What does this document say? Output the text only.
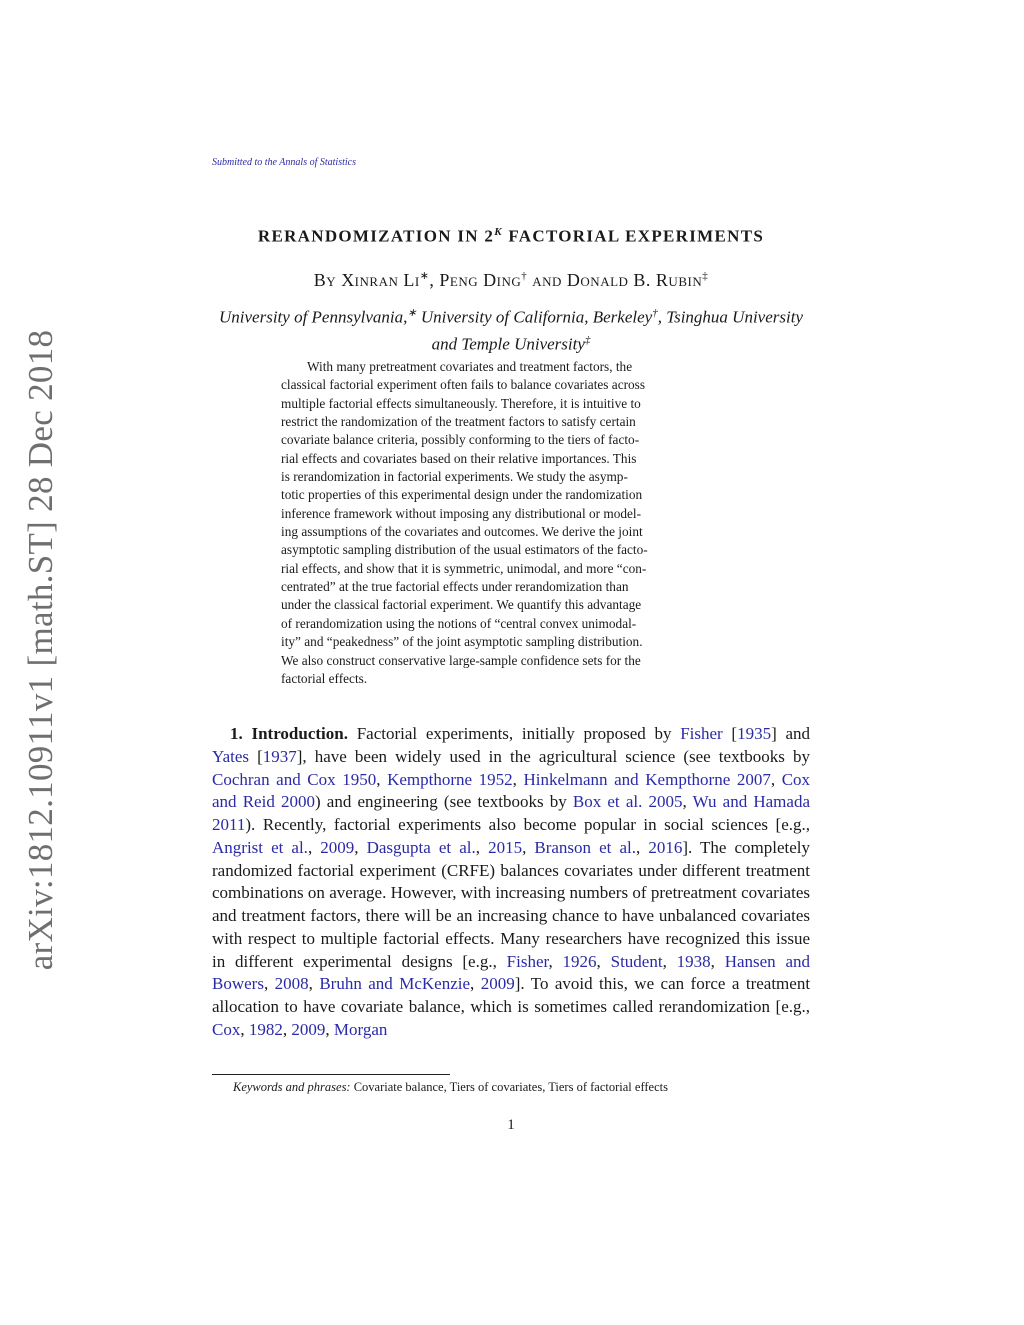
arXiv:1812.10911v1 [math.ST] 28 Dec 2018
Submitted to the Annals of Statistics
RERANDOMIZATION IN $2^K$ FACTORIAL EXPERIMENTS
By Xinran Li∗, Peng Ding† and Donald B. Rubin‡
University of Pennsylvania,∗ University of California, Berkeley†, Tsinghua University and Temple University‡
With many pretreatment covariates and treatment factors, the
classical factorial experiment often fails to balance covariates across
multiple factorial effects simultaneously. Therefore, it is intuitive to
restrict the randomization of the treatment factors to satisfy certain
covariate balance criteria, possibly conforming to the tiers of facto-
rial effects and covariates based on their relative importances. This
is rerandomization in factorial experiments. We study the asymp-
totic properties of this experimental design under the randomization
inference framework without imposing any distributional or model-
ing assumptions of the covariates and outcomes. We derive the joint
asymptotic sampling distribution of the usual estimators of the facto-
rial effects, and show that it is symmetric, unimodal, and more “con-
centrated” at the true factorial effects under rerandomization than
under the classical factorial experiment. We quantify this advantage
of rerandomization using the notions of “central convex unimodal-
ity” and “peakedness” of the joint asymptotic sampling distribution.
We also construct conservative large-sample confidence sets for the
factorial effects.

1. Introduction. Factorial experiments, initially proposed by Fisher [1935] and Yates [1937], have been widely used in the agricultural science (see textbooks by Cochran and Cox 1950, Kempthorne 1952, Hinkelmann and Kempthorne 2007, Cox and Reid 2000) and engineering (see textbooks by Box et al. 2005, Wu and Hamada 2011). Recently, factorial experiments also become popular in social sciences [e.g., Angrist et al., 2009, Dasgupta et al., 2015, Branson et al., 2016]. The completely randomized factorial experiment (CRFE) balances covariates under different treatment combinations on average. However, with increasing numbers of pretreatment covariates and treatment factors, there will be an increasing chance to have unbalanced covariates with respect to multiple factorial effects. Many researchers have recognized this issue in different experimental designs [e.g., Fisher, 1926, Student, 1938, Hansen and Bowers, 2008, Bruhn and McKenzie, 2009]. To avoid this, we can force a treatment allocation to have covariate balance, which is sometimes called rerandomization [e.g., Cox, 1982, 2009, Morgan

Keywords and phrases: Covariate balance, Tiers of covariates, Tiers of factorial effects
1
